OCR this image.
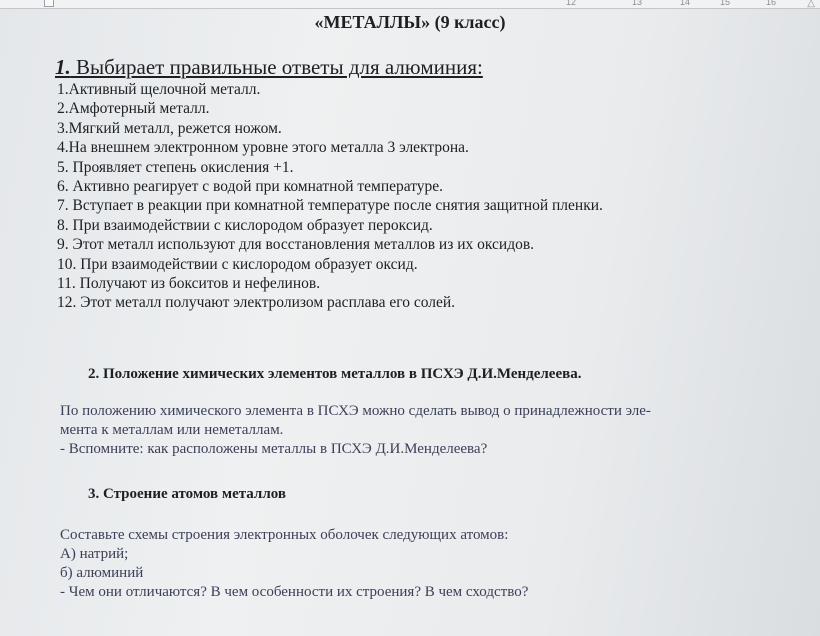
12	13	14	15	16	△
«МЕТАЛЛЫ» (9 класс)
1. Выбирает правильные ответы для алюминия:
1.Активный щелочной металл.
2.Амфотерный металл.
3.Мягкий металл, режется ножом.
4.На внешнем электронном уровне этого металла 3 электрона.
5. Проявляет степень окисления +1.
6. Активно реагирует с водой при комнатной температуре.
7. Вступает в реакции при комнатной температуре после снятия защитной пленки.
8. При взаимодействии с кислородом образует пероксид.
9. Этот металл используют для восстановления металлов из их оксидов.
10. При взаимодействии с кислородом образует оксид.
11. Получают из бокситов и нефелинов.
12. Этот металл получают электролизом расплава его солей.
2. Положение химических элементов металлов в ПСХЭ Д.И.Менделеева.
По положению химического элемента в ПСХЭ можно сделать вывод о принадлежности эле-
мента к металлам или неметаллам.
- Вспомните: как расположены металлы в ПСХЭ Д.И.Менделеева?
3. Строение атомов металлов
Составьте схемы строения электронных оболочек следующих атомов:
А) натрий;
б) алюминий
- Чем они отличаются? В чем особенности их строения? В чем сходство?
